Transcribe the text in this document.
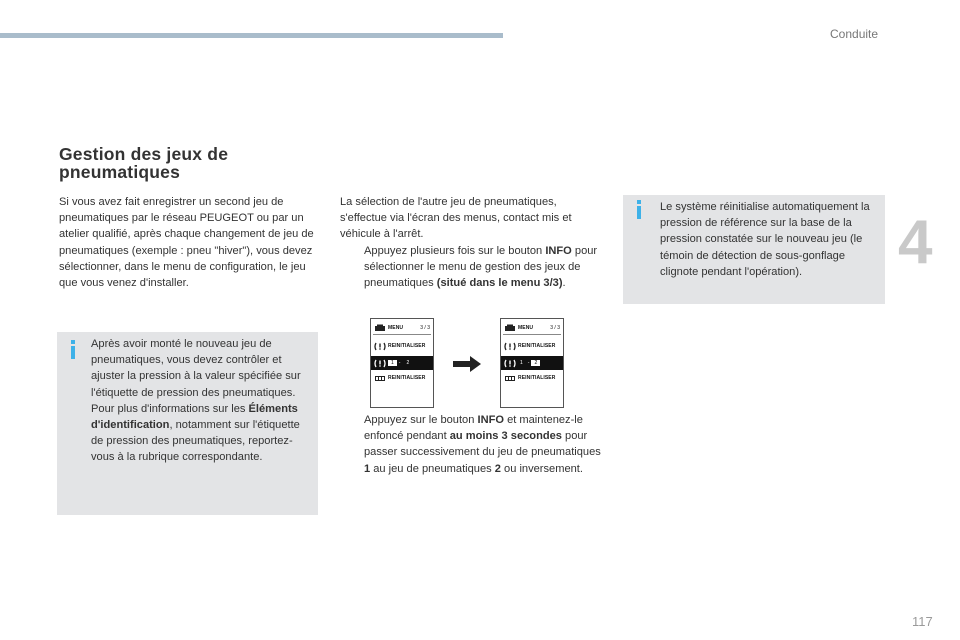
Conduite
4
117
Gestion des jeux de pneumatiques

Si vous avez fait enregistrer un second jeu de pneumatiques par le réseau PEUGEOT ou par un atelier qualifié, après chaque changement de jeu de pneumatiques (exemple : pneu "hiver"), vous devez sélectionner, dans le menu de configuration, le jeu que vous venez d'installer.

Après avoir monté le nouveau jeu de pneumatiques, vous devez contrôler et ajuster la pression à la valeur spécifiée sur l'étiquette de pression des pneumatiques.
Pour plus d'informations sur les Éléments d'identification, notamment sur l'étiquette de pression des pneumatiques, reportez-vous à la rubrique correspondante.

La sélection de l'autre jeu de pneumatiques, s'effectue via l'écran des menus, contact mis et véhicule à l'arrêt.

Appuyez plusieurs fois sur le bouton INFO pour sélectionner le menu de gestion des jeux de pneumatiques (situé dans le menu 3/3).

MENU	3 / 3
REINITIALISER
1	- 2
REINITIALISER
MENU	3 / 3
REINITIALISER
1 -	2
REINITIALISER

Appuyez sur le bouton INFO et maintenez-le enfoncé pendant au moins 3 secondes pour passer successivement du jeu de pneumatiques 1 au jeu de pneumatiques 2 ou inversement.

Le système réinitialise automatiquement la pression de référence sur la base de la pression constatée sur le nouveau jeu (le témoin de détection de sous-gonflage clignote pendant l'opération).
